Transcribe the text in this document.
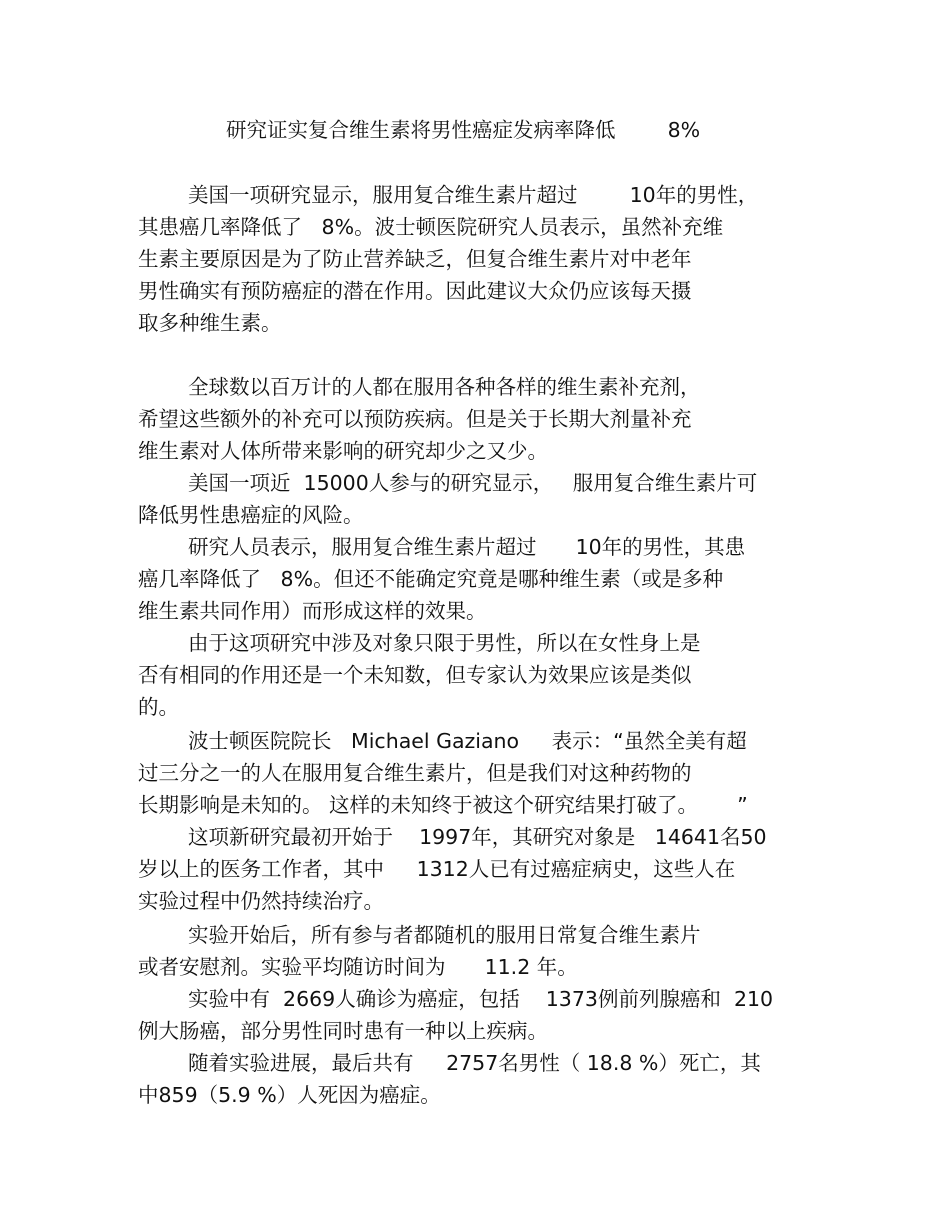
研究证实复合维生素将男性癌症发病率降低        8%
美国一项研究显示，服用复合维生素片超过        10年的男性，
其患癌几率降低了   8%。波士顿医院研究人员表示，虽然补充维
生素主要原因是为了防止营养缺乏，但复合维生素片对中老年
男性确实有预防癌症的潜在作用。因此建议大众仍应该每天摄
取多种维生素。
全球数以百万计的人都在服用各种各样的维生素补充剂，
希望这些额外的补充可以预防疾病。但是关于长期大剂量补充
维生素对人体所带来影响的研究却少之又少。
美国一项近  15000人参与的研究显示，   服用复合维生素片可
降低男性患癌症的风险。
研究人员表示，服用复合维生素片超过      10年的男性，其患
癌几率降低了   8%。但还不能确定究竟是哪种维生素（或是多种
维生素共同作用）而形成这样的效果。
由于这项研究中涉及对象只限于男性，所以在女性身上是
否有相同的作用还是一个未知数，但专家认为效果应该是类似
的。
波士顿医院院长   Michael Gaziano     表示：“虽然全美有超
过三分之一的人在服用复合维生素片，但是我们对这种药物的
长期影响是未知的。 这样的未知终于被这个研究结果打破了。      ”
这项新研究最初开始于    1997年，其研究对象是   14641名50
岁以上的医务工作者，其中     1312人已有过癌症病史，这些人在
实验过程中仍然持续治疗。
实验开始后，所有参与者都随机的服用日常复合维生素片
或者安慰剂。实验平均随访时间为      11.2 年。
实验中有  2669人确诊为癌症，包括    1373例前列腺癌和  210
例大肠癌，部分男性同时患有一种以上疾病。
随着实验进展，最后共有     2757名男性（ 18.8 %）死亡，其
中859（5.9 %）人死因为癌症。
